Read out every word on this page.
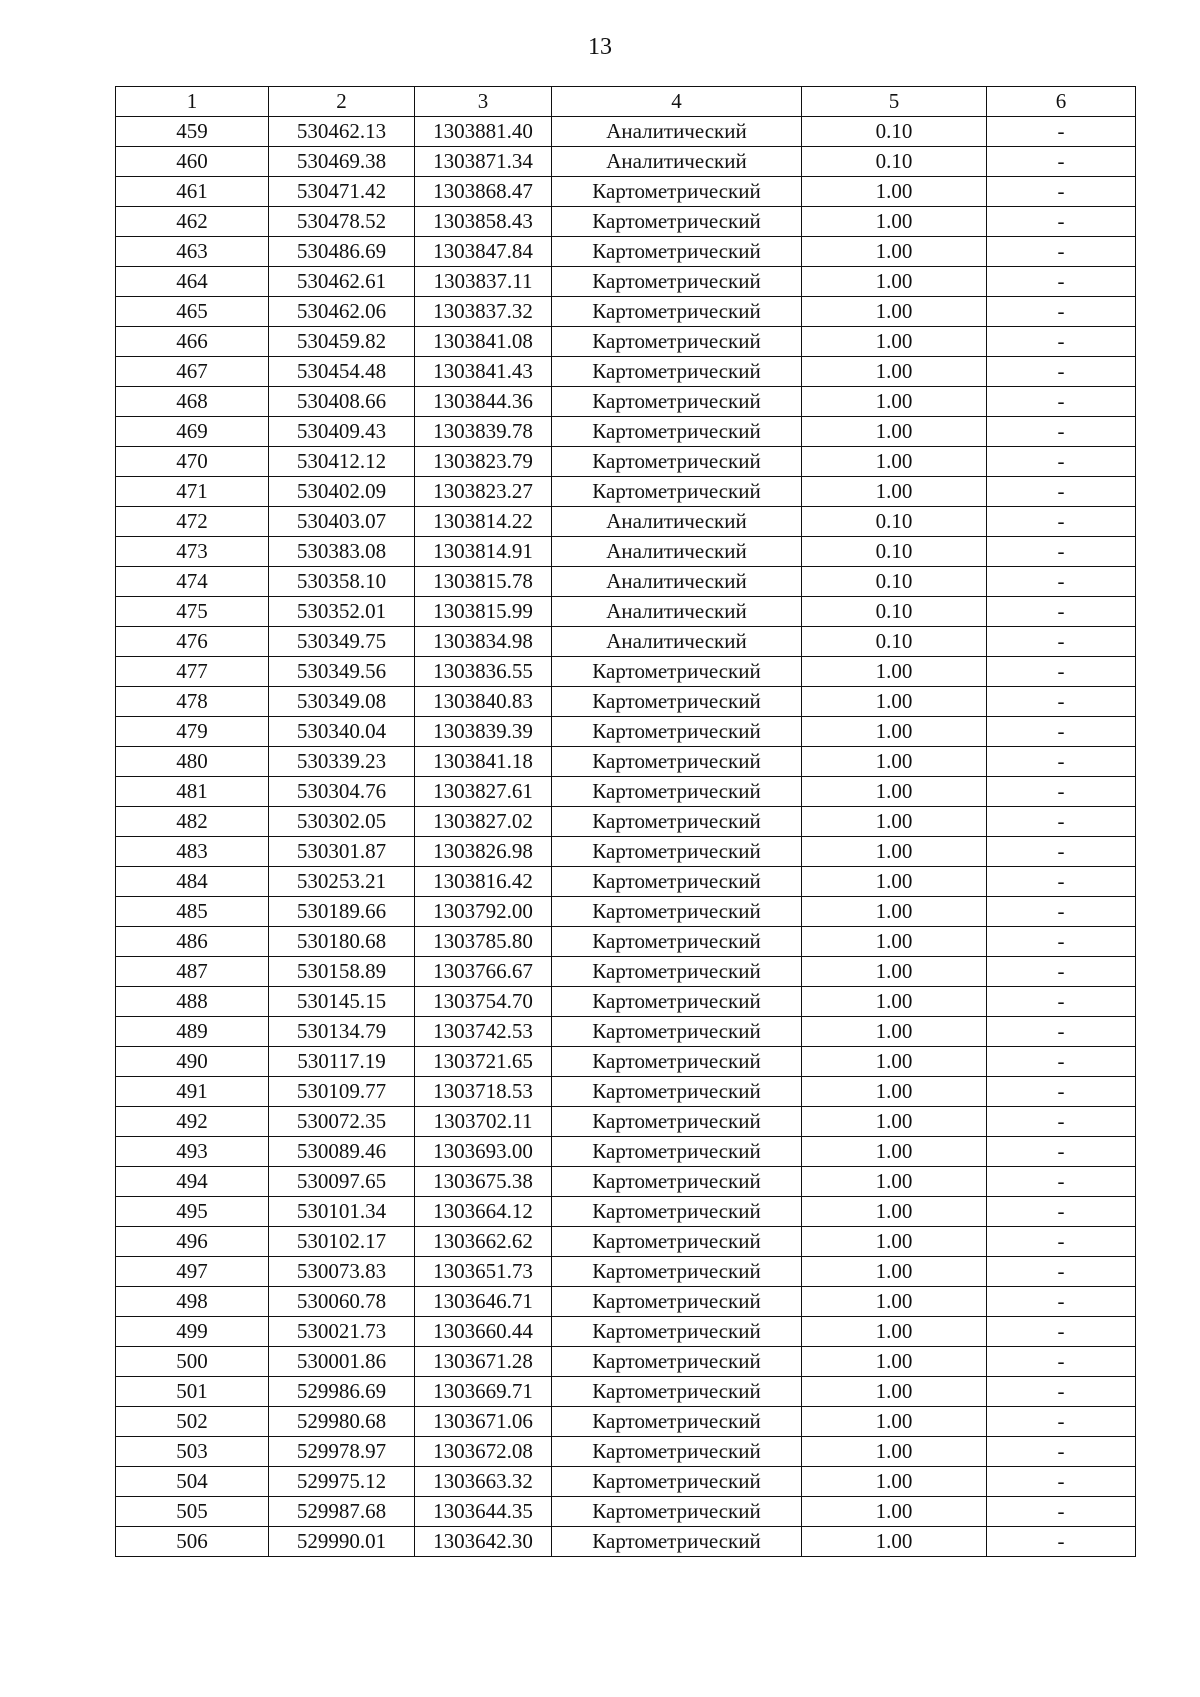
13
1	2	3	4	5	6
459	530462.13	1303881.40	Аналитический	0.10	-
460	530469.38	1303871.34	Аналитический	0.10	-
461	530471.42	1303868.47	Картометрический	1.00	-
462	530478.52	1303858.43	Картометрический	1.00	-
463	530486.69	1303847.84	Картометрический	1.00	-
464	530462.61	1303837.11	Картометрический	1.00	-
465	530462.06	1303837.32	Картометрический	1.00	-
466	530459.82	1303841.08	Картометрический	1.00	-
467	530454.48	1303841.43	Картометрический	1.00	-
468	530408.66	1303844.36	Картометрический	1.00	-
469	530409.43	1303839.78	Картометрический	1.00	-
470	530412.12	1303823.79	Картометрический	1.00	-
471	530402.09	1303823.27	Картометрический	1.00	-
472	530403.07	1303814.22	Аналитический	0.10	-
473	530383.08	1303814.91	Аналитический	0.10	-
474	530358.10	1303815.78	Аналитический	0.10	-
475	530352.01	1303815.99	Аналитический	0.10	-
476	530349.75	1303834.98	Аналитический	0.10	-
477	530349.56	1303836.55	Картометрический	1.00	-
478	530349.08	1303840.83	Картометрический	1.00	-
479	530340.04	1303839.39	Картометрический	1.00	-
480	530339.23	1303841.18	Картометрический	1.00	-
481	530304.76	1303827.61	Картометрический	1.00	-
482	530302.05	1303827.02	Картометрический	1.00	-
483	530301.87	1303826.98	Картометрический	1.00	-
484	530253.21	1303816.42	Картометрический	1.00	-
485	530189.66	1303792.00	Картометрический	1.00	-
486	530180.68	1303785.80	Картометрический	1.00	-
487	530158.89	1303766.67	Картометрический	1.00	-
488	530145.15	1303754.70	Картометрический	1.00	-
489	530134.79	1303742.53	Картометрический	1.00	-
490	530117.19	1303721.65	Картометрический	1.00	-
491	530109.77	1303718.53	Картометрический	1.00	-
492	530072.35	1303702.11	Картометрический	1.00	-
493	530089.46	1303693.00	Картометрический	1.00	-
494	530097.65	1303675.38	Картометрический	1.00	-
495	530101.34	1303664.12	Картометрический	1.00	-
496	530102.17	1303662.62	Картометрический	1.00	-
497	530073.83	1303651.73	Картометрический	1.00	-
498	530060.78	1303646.71	Картометрический	1.00	-
499	530021.73	1303660.44	Картометрический	1.00	-
500	530001.86	1303671.28	Картометрический	1.00	-
501	529986.69	1303669.71	Картометрический	1.00	-
502	529980.68	1303671.06	Картометрический	1.00	-
503	529978.97	1303672.08	Картометрический	1.00	-
504	529975.12	1303663.32	Картометрический	1.00	-
505	529987.68	1303644.35	Картометрический	1.00	-
506	529990.01	1303642.30	Картометрический	1.00	-
